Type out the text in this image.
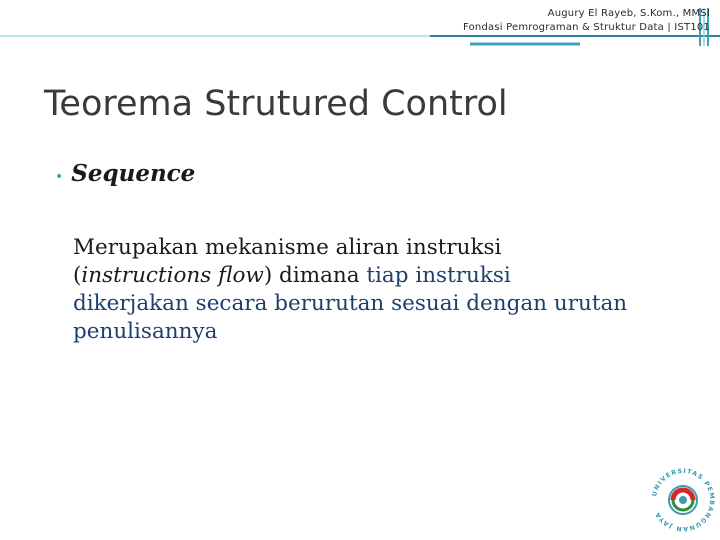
Augury El Rayeb, S.Kom., MMSI
Fondasi Pemrograman & Struktur Data | IST101
Teorema Strutured Control
• Sequence

Merupakan mekanisme aliran instruksi (instructions flow) dimana tiap instruksi dikerjakan secara berurutan sesuai dengan urutan penulisannya

UNIVERSITAS PEMBANGUNAN JAYA
